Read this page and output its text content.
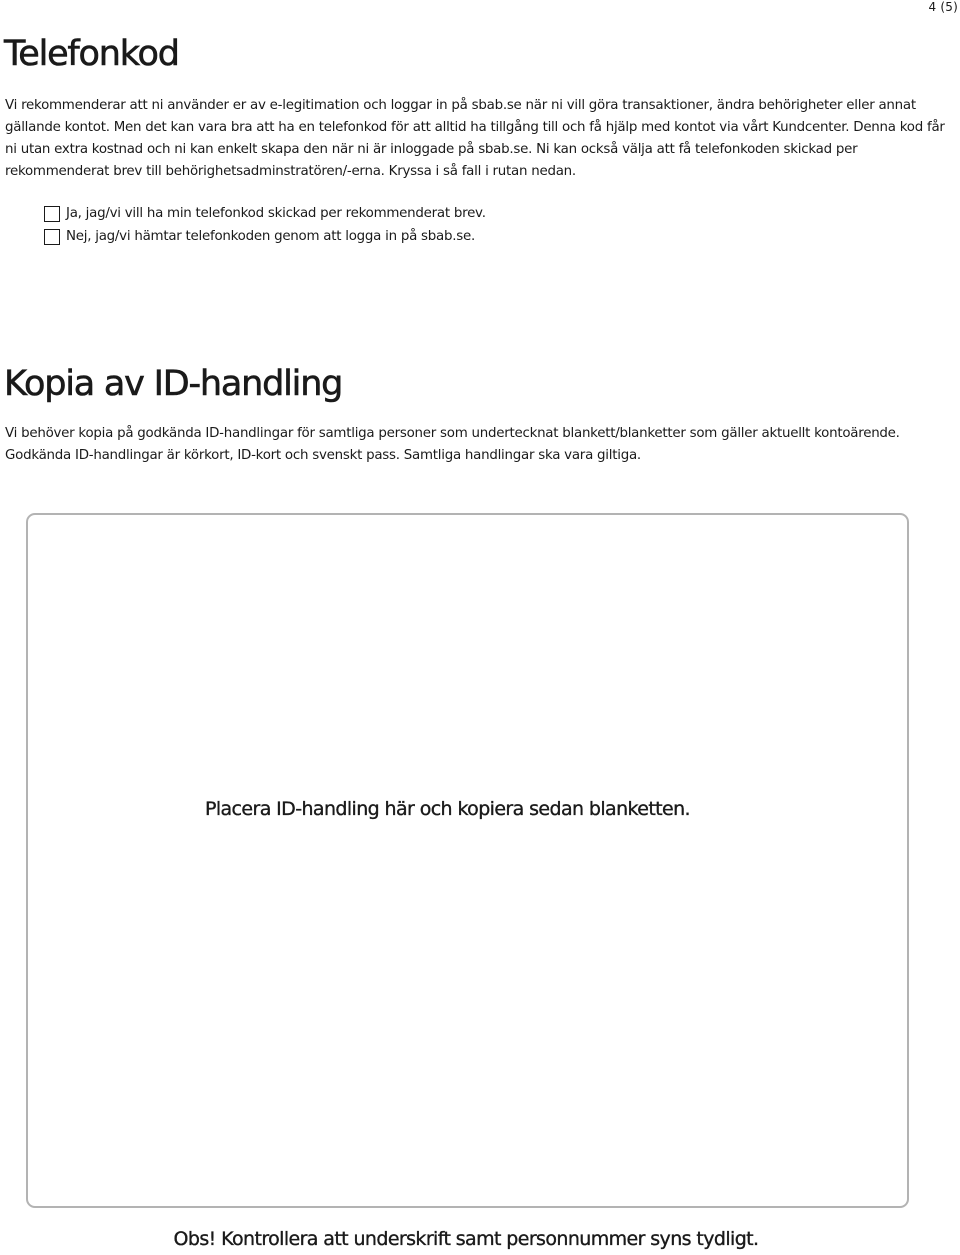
4 (5)
Telefonkod

Vi rekommenderar att ni använder er av e-legitimation och loggar in på sbab.se när ni vill göra transaktioner, ändra behörigheter eller annat gällande kontot. Men det kan vara bra att ha en telefonkod för att alltid ha tillgång till och få hjälp med kontot via vårt Kundcenter. Denna kod får ni utan extra kostnad och ni kan enkelt skapa den när ni är inloggade på sbab.se. Ni kan också välja att få telefonkoden skickad per rekommenderat brev till behörighetsadminstratören/-erna. Kryssa i så fall i rutan nedan.

Ja, jag/vi vill ha min telefonkod skickad per rekommenderat brev.
Nej, jag/vi hämtar telefonkoden genom att logga in på sbab.se.
Kopia av ID-handling

Vi behöver kopia på godkända ID-handlingar för samtliga personer som undertecknat blankett/blanketter som gäller aktuellt kontoärende. Godkända ID-handlingar är körkort, ID-kort och svenskt pass. Samtliga handlingar ska vara giltiga.

Placera ID-handling här och kopiera sedan blanketten.
Obs! Kontrollera att underskrift samt personnummer syns tydligt.
